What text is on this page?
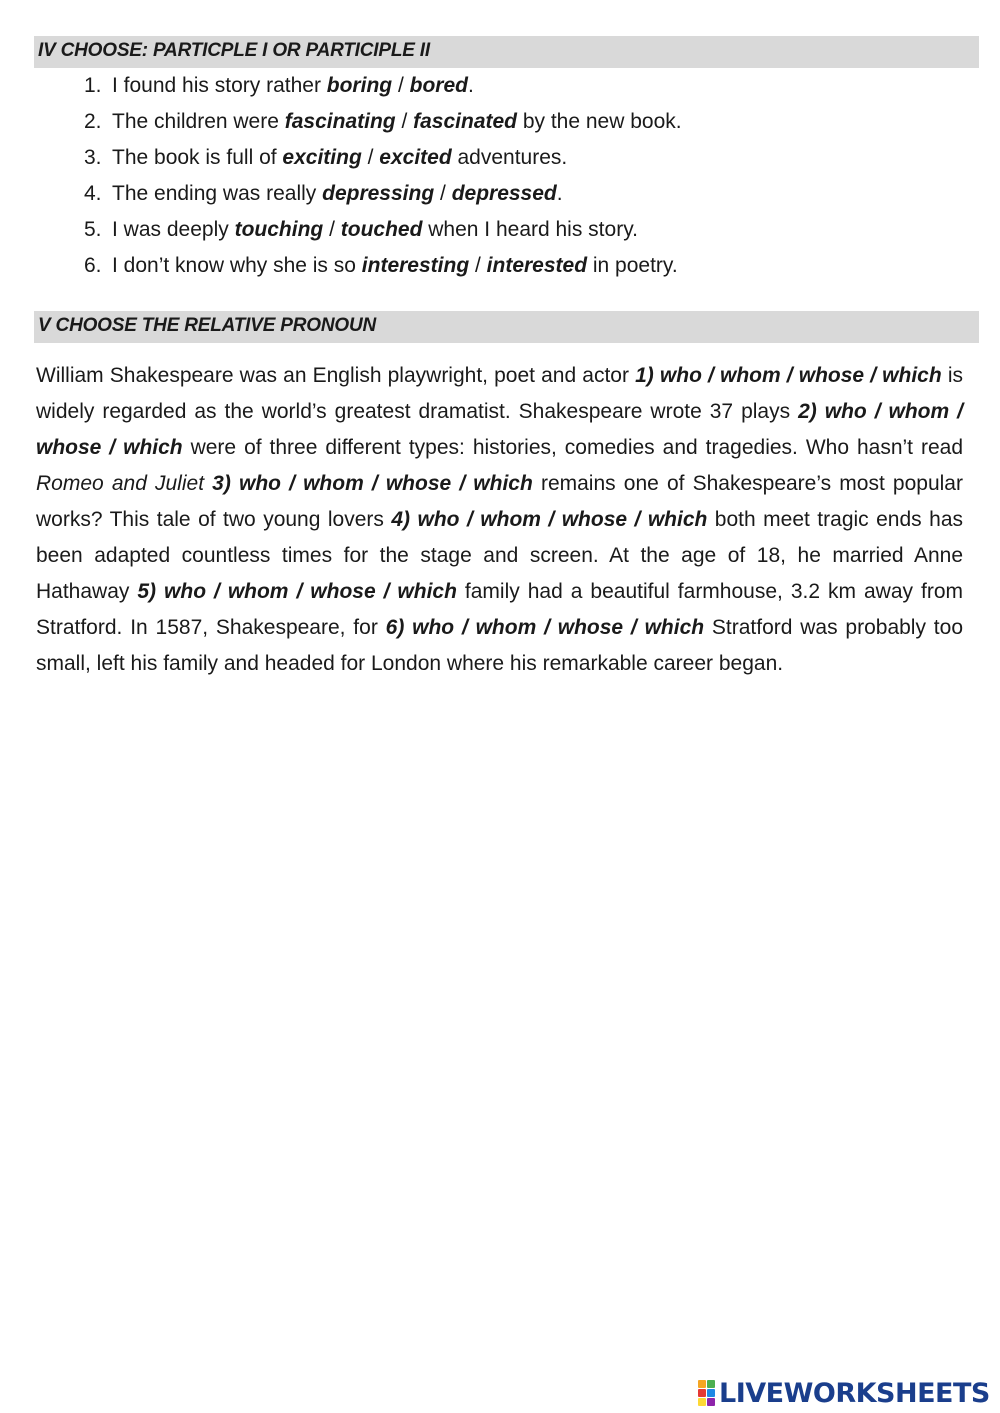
IV CHOOSE: PARTICPLE I OR PARTICIPLE II
1. I found his story rather boring / bored.
2. The children were fascinating / fascinated by the new book.
3. The book is full of exciting / excited adventures.
4. The ending was really depressing / depressed.
5. I was deeply touching / touched when I heard his story.
6. I don’t know why she is so interesting / interested in poetry.
V CHOOSE THE RELATIVE PRONOUN

William Shakespeare was an English playwright, poet and actor 1) who / whom / whose / which is widely regarded as the world’s greatest dramatist. Shakespeare wrote 37 plays 2) who / whom / whose / which were of three different types: histories, comedies and tragedies. Who hasn’t read Romeo and Juliet 3) who / whom / whose / which remains one of Shakespeare’s most popular works? This tale of two young lovers 4) who / whom / whose / which both meet tragic ends has been adapted countless times for the stage and screen. At the age of 18, he married Anne Hathaway 5) who / whom / whose / which family had a beautiful farmhouse, 3.2 km away from Stratford. In 1587, Shakespeare, for 6) who / whom / whose / which Stratford was probably too small, left his family and headed for London where his remarkable career began.

LIVEWORKSHEETS
